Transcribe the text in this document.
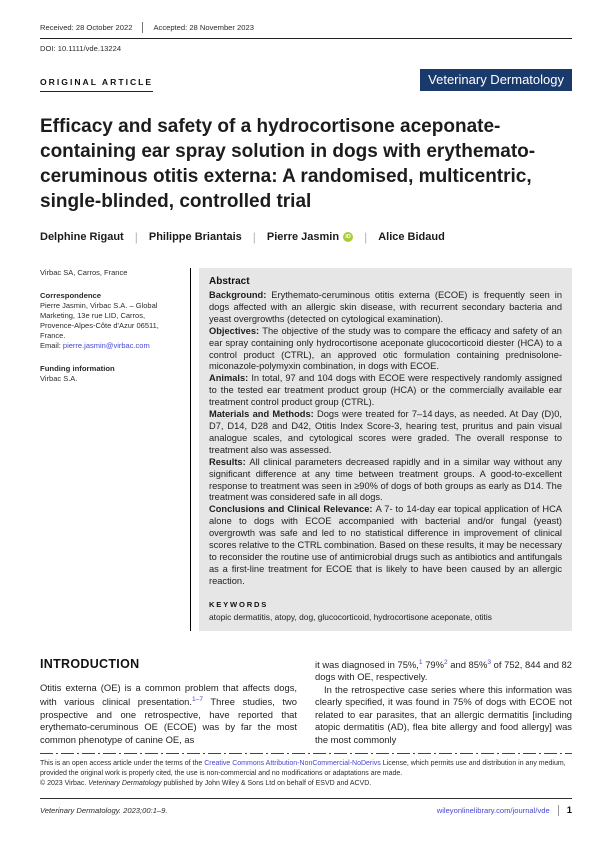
Received: 28 October 2022	Accepted: 28 November 2023
DOI: 10.1111/vde.13224
ORIGINAL ARTICLE	Veterinary Dermatology
Efficacy and safety of a hydrocortisone aceponate-containing ear spray solution in dogs with erythemato-ceruminous otitis externa: A randomised, multicentric, single-blinded, controlled trial
Delphine Rigaut | Philippe Briantais | Pierre Jasmin	iD | Alice Bidaud
Virbac SA, Carros, France
Correspondence
Pierre Jasmin, Virbac S.A. – Global Marketing, 13e rue LID, Carros, Provence-Alpes-Côte d'Azur 06511, France.
Email: pierre.jasmin@virbac.com
Funding information
Virbac S.A.
Abstract

Background: Erythemato-ceruminous otitis externa (ECOE) is frequently seen in dogs affected with an allergic skin disease, with recurrent secondary bacteria and yeast overgrowths (detected on cytological examination).

Objectives: The objective of the study was to compare the efficacy and safety of an ear spray containing only hydrocortisone aceponate glucocorticoid diester (HCA) to a control product (CTRL), an approved otic formulation containing prednisolone-miconazole-polymyxin combination, in dogs with ECOE.

Animals: In total, 97 and 104 dogs with ECOE were respectively randomly assigned to the tested ear treatment product group (HCA) or the commercially available ear treatment control product group (CTRL).

Materials and Methods: Dogs were treated for 7–14 days, as needed. At Day (D)0, D7, D14, D28 and D42, Otitis Index Score-3, hearing test, pruritus and pain visual analogue scales, and cytological scores were graded. The overall response to treatment also was assessed.

Results: All clinical parameters decreased rapidly and in a similar way without any significant difference at any time between treatment groups. A good-to-excellent response to treatment was seen in ≥90% of dogs of both groups as early as D14. The treatment was considered safe in all dogs.

Conclusions and Clinical Relevance: A 7- to 14-day ear topical application of HCA alone to dogs with ECOE accompanied with bacterial and/or fungal (yeast) overgrowth was safe and led to no statistical difference in improvement of clinical scores relative to the CTRL combination. Based on these results, it may be necessary to reconsider the routine use of antimicrobial drugs such as antibiotics and antifungals as a first-line treatment for ECOE that is likely to have been caused by an allergic reaction.

KEYWORDS
atopic dermatitis, atopy, dog, glucocorticoid, hydrocortisone aceponate, otitis
INTRODUCTION

Otitis externa (OE) is a common problem that affects dogs, with various clinical presentation.$^{1-7}$ Three studies, two prospective and one retrospective, have reported that erythemato-ceruminous OE (ECOE) was by far the most common phenotype of canine OE, as

it was diagnosed in 75%,$^1$ 79%$^2$ and 85%$^3$ of 752, 844 and 82 dogs with OE, respectively.

In the retrospective case series where this information was clearly specified, it was found in 75% of dogs with ECOE not related to ear parasites, that an allergic dermatitis [including atopic dermatitis (AD), flea bite allergy and food allergy] was the most commonly

This is an open access article under the terms of the Creative Commons Attribution-NonCommercial-NoDerivs License, which permits use and distribution in any medium, provided the original work is properly cited, the use is non-commercial and no modifications or adaptations are made.
© 2023 Virbac. Veterinary Dermatology published by John Wiley & Sons Ltd on behalf of ESVD and ACVD.
Veterinary Dermatology. 2023;00:1–9.	wileyonlinelibrary.com/journal/vde 1
